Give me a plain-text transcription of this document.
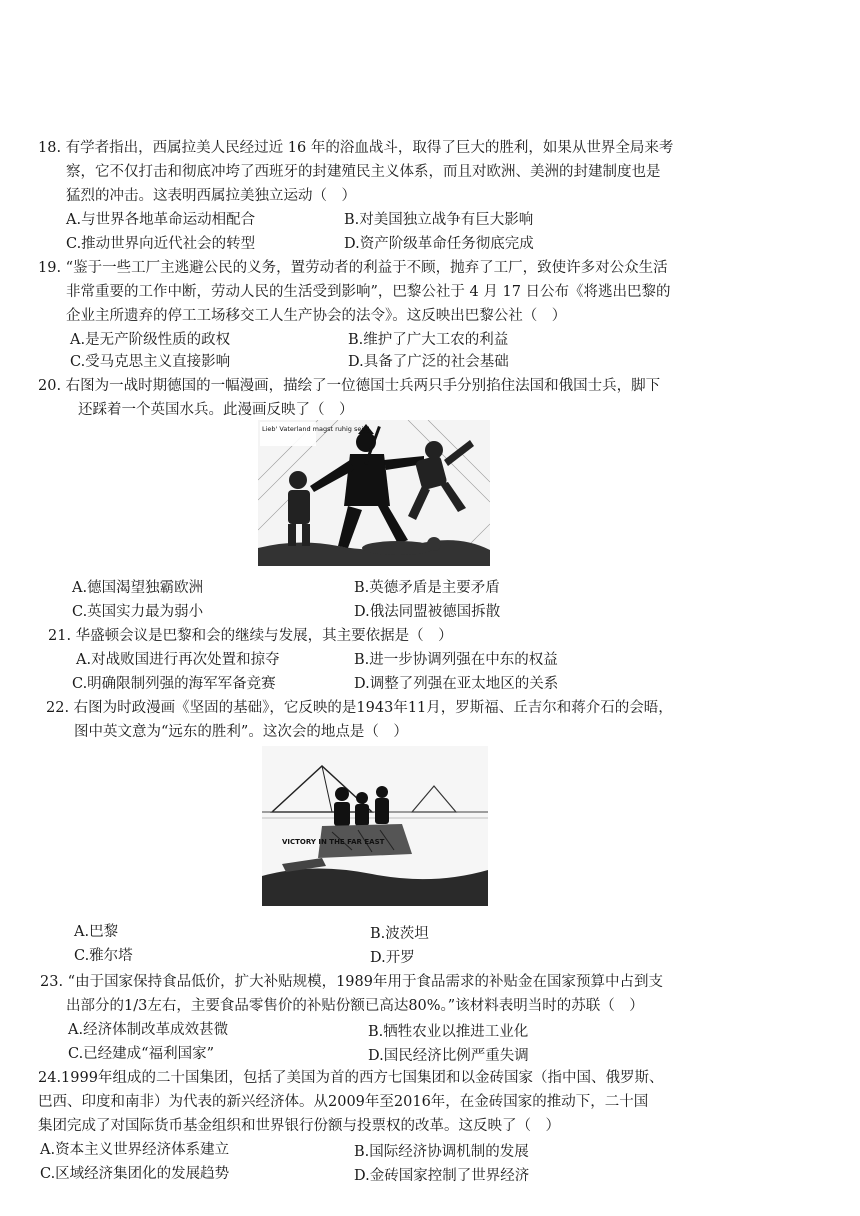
18. 有学者指出，西属拉美人民经过近 16 年的浴血战斗，取得了巨大的胜利，如果从世界全局来考
察，它不仅打击和彻底冲垮了西班牙的封建殖民主义体系，而且对欧洲、美洲的封建制度也是
猛烈的冲击。这表明西属拉美独立运动（　）
A.与世界各地革命运动相配合	B.对美国独立战争有巨大影响
C.推动世界向近代社会的转型	D.资产阶级革命任务彻底完成
19. “鉴于一些工厂主逃避公民的义务，置劳动者的利益于不顾，抛弃了工厂，致使许多对公众生活
非常重要的工作中断，劳动人民的生活受到影响”，巴黎公社于 4 月 17 日公布《将逃出巴黎的
企业主所遗弃的停工工场移交工人生产协会的法令》。这反映出巴黎公社（　）
A.是无产阶级性质的政权	B.维护了广大工农的利益
C.受马克思主义直接影响	D.具备了广泛的社会基础
20. 右图为一战时期德国的一幅漫画，描绘了一位德国士兵两只手分别掐住法国和俄国士兵，脚下
还踩着一个英国水兵。此漫画反映了（　）
Lieb' Vaterland magst ruhig sein!
A.德国渴望独霸欧洲	B.英德矛盾是主要矛盾
C.英国实力最为弱小	D.俄法同盟被德国拆散
21. 华盛顿会议是巴黎和会的继续与发展，其主要依据是（　）
A.对战败国进行再次处置和掠夺	B.进一步协调列强在中东的权益
C.明确限制列强的海军军备竞赛	D.调整了列强在亚太地区的关系
22. 右图为时政漫画《坚固的基础》，它反映的是1943年11月，罗斯福、丘吉尔和蒋介石的会晤，
图中英文意为“远东的胜利”。这次会的地点是（　）
VICTORY IN THE FAR EAST
A.巴黎	B.波茨坦
C.雅尔塔	D.开罗
23. “由于国家保持食品低价，扩大补贴规模，1989年用于食品需求的补贴金在国家预算中占到支
出部分的1/3左右，主要食品零售价的补贴份额已高达80%。”该材料表明当时的苏联（　）
A.经济体制改革成效甚微	B.牺牲农业以推进工业化
C.已经建成“福利国家”	D.国民经济比例严重失调
24.1999年组成的二十国集团，包括了美国为首的西方七国集团和以金砖国家（指中国、俄罗斯、
巴西、印度和南非）为代表的新兴经济体。从2009年至2016年，在金砖国家的推动下，二十国
集团完成了对国际货币基金组织和世界银行份额与投票权的改革。这反映了（　）
A.资本主义世界经济体系建立	B.国际经济协调机制的发展
C.区域经济集团化的发展趋势	D.金砖国家控制了世界经济
